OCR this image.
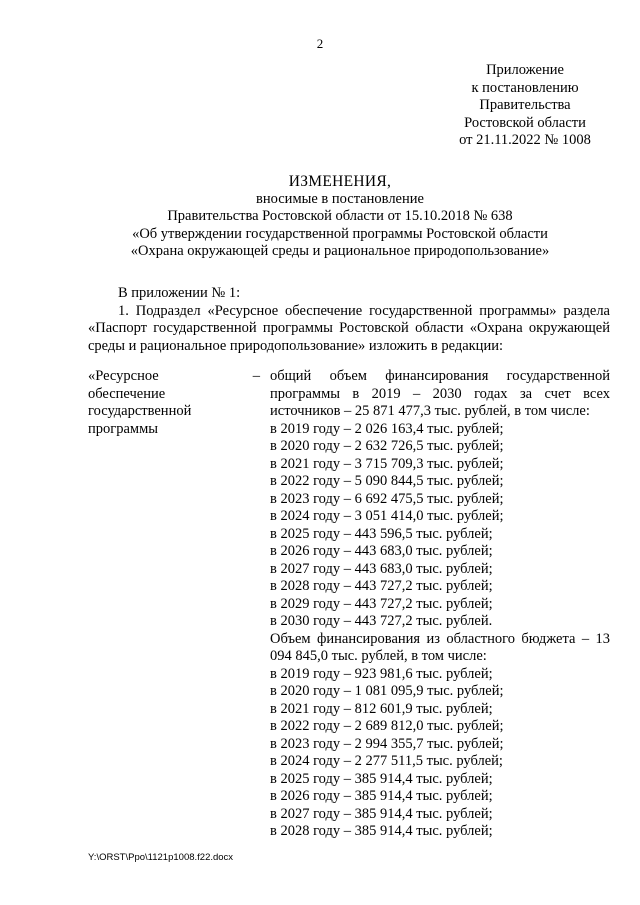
2

Приложение

к постановлению

Правительства

Ростовской области

от 21.11.2022 № 1008

ИЗМЕНЕНИЯ,

вносимые в постановление

Правительства Ростовской области от 15.10.2018 № 638

«Об утверждении государственной программы Ростовской области

«Охрана окружающей среды и рациональное природопользование»

В приложении № 1:

1. Подраздел «Ресурсное обеспечение государственной программы» раздела «Паспорт государственной программы Ростовской области «Охрана окружающей среды и рациональное природопользование» изложить в редакции:

«Ресурсное обеспечение государственной программы
– общий объем финансирования государственной программы в 2019 – 2030 годах за счет всех источников – 25 871 477,3 тыс. рублей, в том числе:

в 2019 году – 2 026 163,4 тыс. рублей;

в 2020 году – 2 632 726,5 тыс. рублей;

в 2021 году – 3 715 709,3 тыс. рублей;

в 2022 году – 5 090 844,5 тыс. рублей;

в 2023 году – 6 692 475,5 тыс. рублей;

в 2024 году – 3 051 414,0 тыс. рублей;

в 2025 году – 443 596,5 тыс. рублей;

в 2026 году – 443 683,0 тыс. рублей;

в 2027 году – 443 683,0 тыс. рублей;

в 2028 году – 443 727,2 тыс. рублей;

в 2029 году – 443 727,2 тыс. рублей;

в 2030 году – 443 727,2 тыс. рублей.

Объем финансирования из областного бюджета – 13 094 845,0 тыс. рублей, в том числе:

в 2019 году – 923 981,6 тыс. рублей;

в 2020 году – 1 081 095,9 тыс. рублей;

в 2021 году – 812 601,9 тыс. рублей;

в 2022 году – 2 689 812,0 тыс. рублей;

в 2023 году – 2 994 355,7 тыс. рублей;

в 2024 году – 2 277 511,5 тыс. рублей;

в 2025 году – 385 914,4 тыс. рублей;

в 2026 году – 385 914,4 тыс. рублей;

в 2027 году – 385 914,4 тыс. рублей;

в 2028 году – 385 914,4 тыс. рублей;

Y:\ORST\Ppo\1121p1008.f22.docx
